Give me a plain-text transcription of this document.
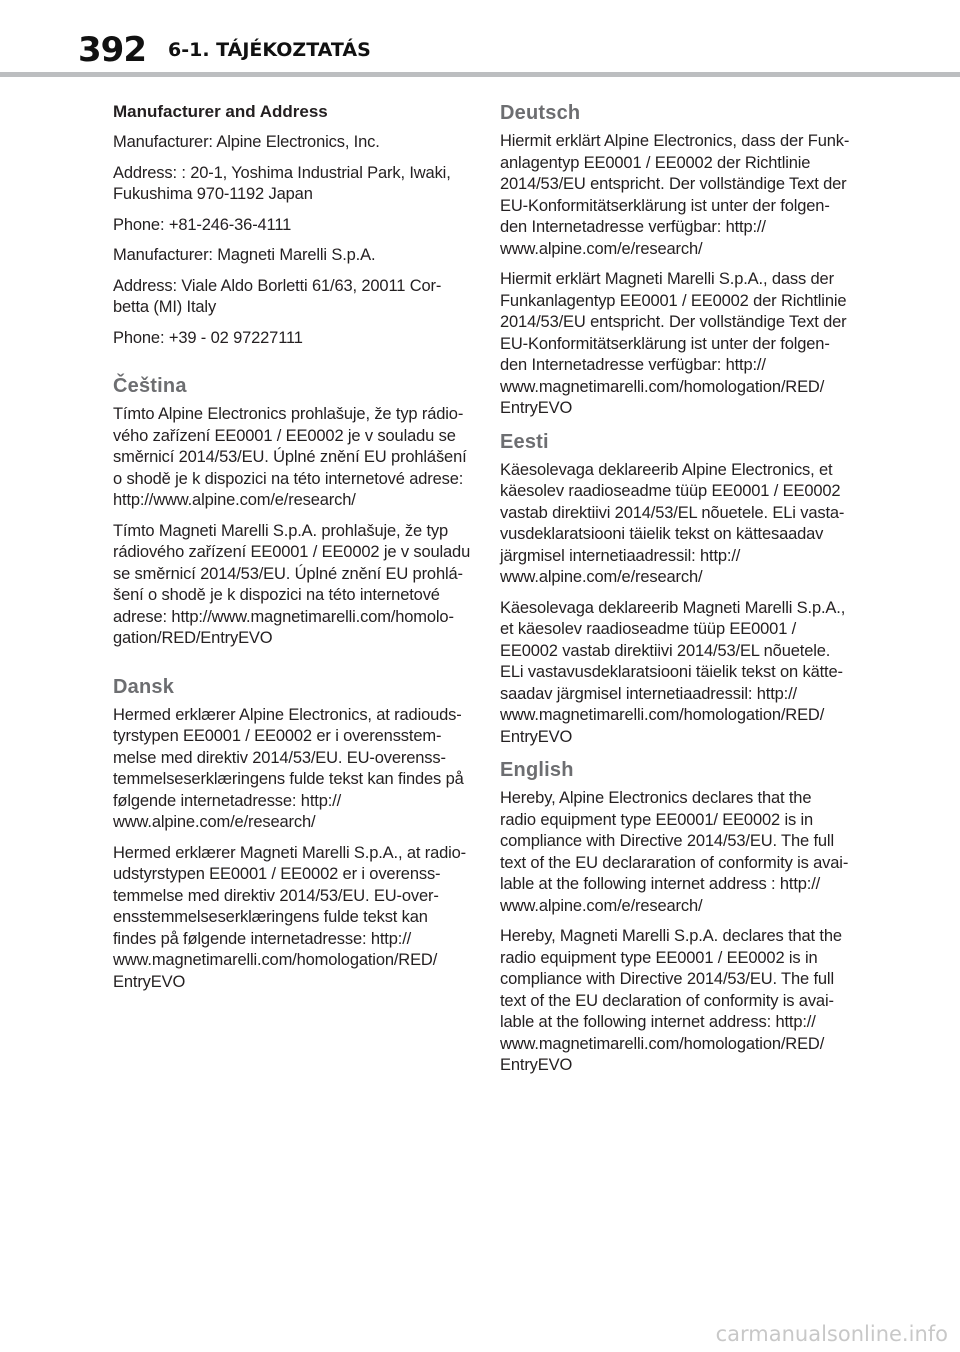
392 6-1. TÁJÉKOZTATÁS
Manufacturer and Address
Manufacturer: Alpine Electronics, Inc.
Address: : 20-1, Yoshima Industrial Park, Iwaki,
Fukushima 970-1192 Japan
Phone: +81-246-36-4111
Manufacturer: Magneti Marelli S.p.A.
Address: Viale Aldo Borletti 61/63, 20011 Cor-
betta (MI) Italy
Phone: +39 - 02 97227111
Čeština
Tímto Alpine Electronics prohlašuje, že typ rádio-
vého zařízení EE0001 / EE0002 je v souladu se
směrnicí 2014/53/EU. Úplné znění EU prohlášení
o shodě je k dispozici na této internetové adrese:
http://www.alpine.com/e/research/
Tímto Magneti Marelli S.p.A. prohlašuje, že typ
rádiového zařízení EE0001 / EE0002 je v souladu
se směrnicí 2014/53/EU. Úplné znění EU prohlá-
šení o shodě je k dispozici na této internetové
adrese: http://www.magnetimarelli.com/homolo-
gation/RED/EntryEVO
Dansk
Hermed erklærer Alpine Electronics, at radiouds-
tyrstypen EE0001 / EE0002 er i overensstem-
melse med direktiv 2014/53/EU. EU-overenss-
temmelseserklæringens fulde tekst kan findes på
følgende internetadresse: http://
www.alpine.com/e/research/
Hermed erklærer Magneti Marelli S.p.A., at radio-
udstyrstypen EE0001 / EE0002 er i overenss-
temmelse med direktiv 2014/53/EU. EU-over-
ensstemmelseserklæringens fulde tekst kan
findes på følgende internetadresse: http://
www.magnetimarelli.com/homologation/RED/
EntryEVO
Deutsch
Hiermit erklärt Alpine Electronics, dass der Funk-
anlagentyp EE0001 / EE0002 der Richtlinie
2014/53/EU entspricht. Der vollständige Text der
EU-Konformitätserklärung ist unter der folgen-
den Internetadresse verfügbar: http://
www.alpine.com/e/research/
Hiermit erklärt Magneti Marelli S.p.A., dass der
Funkanlagentyp EE0001 / EE0002 der Richtlinie
2014/53/EU entspricht. Der vollständige Text der
EU-Konformitätserklärung ist unter der folgen-
den Internetadresse verfügbar: http://
www.magnetimarelli.com/homologation/RED/
EntryEVO
Eesti
Käesolevaga deklareerib Alpine Electronics, et
käesolev raadioseadme tüüp EE0001 / EE0002
vastab direktiivi 2014/53/EL nõuetele. ELi vasta-
vusdeklaratsiooni täielik tekst on kättesaadav
järgmisel internetiaadressil: http://
www.alpine.com/e/research/
Käesolevaga deklareerib Magneti Marelli S.p.A.,
et käesolev raadioseadme tüüp EE0001 /
EE0002 vastab direktiivi 2014/53/EL nõuetele.
ELi vastavusdeklaratsiooni täielik tekst on kätte-
saadav järgmisel internetiaadressil: http://
www.magnetimarelli.com/homologation/RED/
EntryEVO
English
Hereby, Alpine Electronics declares that the
radio equipment type EE0001/ EE0002 is in
compliance with Directive 2014/53/EU. The full
text of the EU declararation of conformity is avai-
lable at the following internet address : http://
www.alpine.com/e/research/
Hereby, Magneti Marelli S.p.A. declares that the
radio equipment type EE0001 / EE0002 is in
compliance with Directive 2014/53/EU. The full
text of the EU declaration of conformity is avai-
lable at the following internet address: http://
www.magnetimarelli.com/homologation/RED/
EntryEVO
carmanualsonline.info
